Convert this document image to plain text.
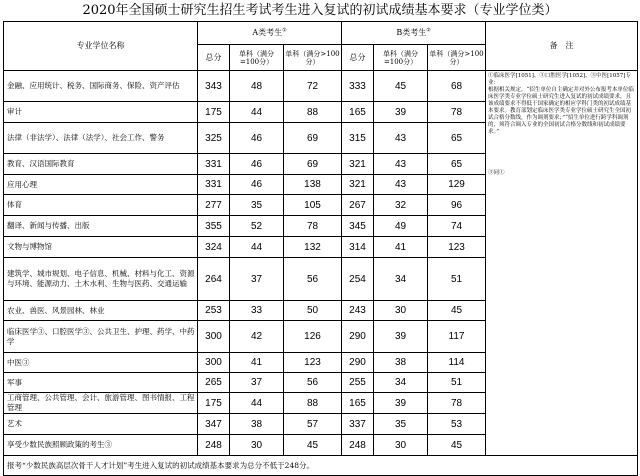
2020年全国硕士研究生招生考试考生进入复试的初试成绩基本要求（专业学位类）
专业学位名称	A类考生①			B类考生②			备　注
	总分	单科（满分=100分）	单科（满分>100分）	总分	单科（满分=100分）	单科（满分>100分）	
金融、应用统计、税务、国际商务、保险、资产评估	343	48	72	333	45	68	①临床医学[1051]、③口腔医学[1052]、③中医[1057]专业：
根据相关规定，“招生单位自主确定并对外公布报考本单位临床医学类专业学位硕士研究生进入复试的初试成绩要求，且该成绩要求不得低于国家确定的相应学科门类的初试成绩基本要求。教育部划定临床医学类专业学位硕士研究生全国初试合格分数线，作为调剂要求；”“招生单位进行跨学科调剂的，须符合调入专业的全国初试合格分数线和初试成绩要求。”
③同①

审计	175	44	88	165	39	78	
法律（非法学）、法律（法学）、社会工作、警务	325	46	69	315	43	65	
教育、汉语国际教育	331	46	69	321	43	65	
应用心理	331	46	138	321	43	129	
体育	277	35	105	267	32	96	
翻译、新闻与传播、出版	355	52	78	345	49	74	
文物与博物馆	324	44	132	314	41	123	
建筑学、城市规划、电子信息、机械、材料与化工、资源与环境、能源动力、土木水利、生物与医药、交通运输	264	37	56	254	34	51	
农业、兽医、风景园林、林业	253	33	50	243	30	45	
临床医学③、口腔医学③、公共卫生、护理、药学、中药学	300	42	126	290	39	117	
中医③	300	41	123	290	38	114	
军事	265	37	56	255	34	51	
工商管理、公共管理、会计、旅游管理、图书情报、工程管理	175	44	88	165	39	78	
艺术	347	38	57	337	35	53	
享受少数民族照顾政策的考生③	248	30	45	248	30	45	
报考“少数民族高层次骨干人才计划”考生进入复试的初试成绩基本要求为总分不低于248分。							
